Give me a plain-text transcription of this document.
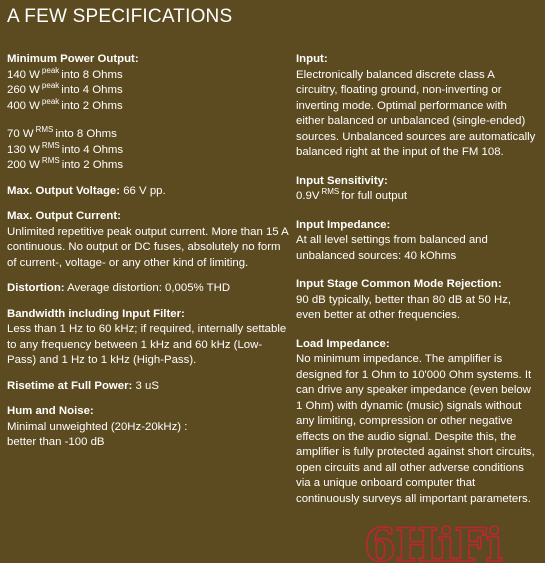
A FEW SPECIFICATIONS
Minimum Power Output:
140 W $^{peak}$ into 8 Ohms
260 W $^{peak}$ into 4 Ohms
400 W $^{peak}$ into 2 Ohms
70 W $^{RMS}$ into 8 Ohms
130 W $^{RMS}$ into 4 Ohms
200 W $^{RMS}$ into 2 Ohms
Max. Output Voltage: 66 V pp.
Max. Output Current:
Unlimited repetitive peak output current. More than 15 A continuous. No output or DC fuses, absolutely no form of current-, voltage- or any other kind of limiting.
Distortion: Average distortion: 0,005% THD
Bandwidth including Input Filter:
Less than 1 Hz to 60 kHz; if required, internally settable to any frequency between 1 kHz and 60 kHz (Low-Pass) and 1 Hz to 1 kHz (High-Pass).
Risetime at Full Power: 3 uS
Hum and Noise:
Minimal unweighted (20Hz-20kHz) :
better than -100 dB
Input:
Electronically balanced discrete class A circuitry, floating ground, non-inverting or inverting mode. Optimal performance with either balanced or unbalanced (single-ended) sources. Unbalanced sources are automatically balanced right at the input of the FM 108.
Input Sensitivity:
0.9V $^{RMS}$ for full output
Input Impedance:
At all level settings from balanced and unbalanced sources: 40 kOhms
Input Stage Common Mode Rejection:
90 dB typically, better than 80 dB at 50 Hz, even better at other frequencies.
Load Impedance:
No minimum impedance. The amplifier is designed for 1 Ohm to 10'000 Ohm systems. It can drive any speaker impedance (even below 1 Ohm) with dynamic (music) signals without any limiting, compression or other negative effects on the audio signal. Despite this, the amplifier is fully protected against short circuits, open circuits and all other adverse conditions via a unique onboard computer that continuously surveys all important parameters.
6HiFi
